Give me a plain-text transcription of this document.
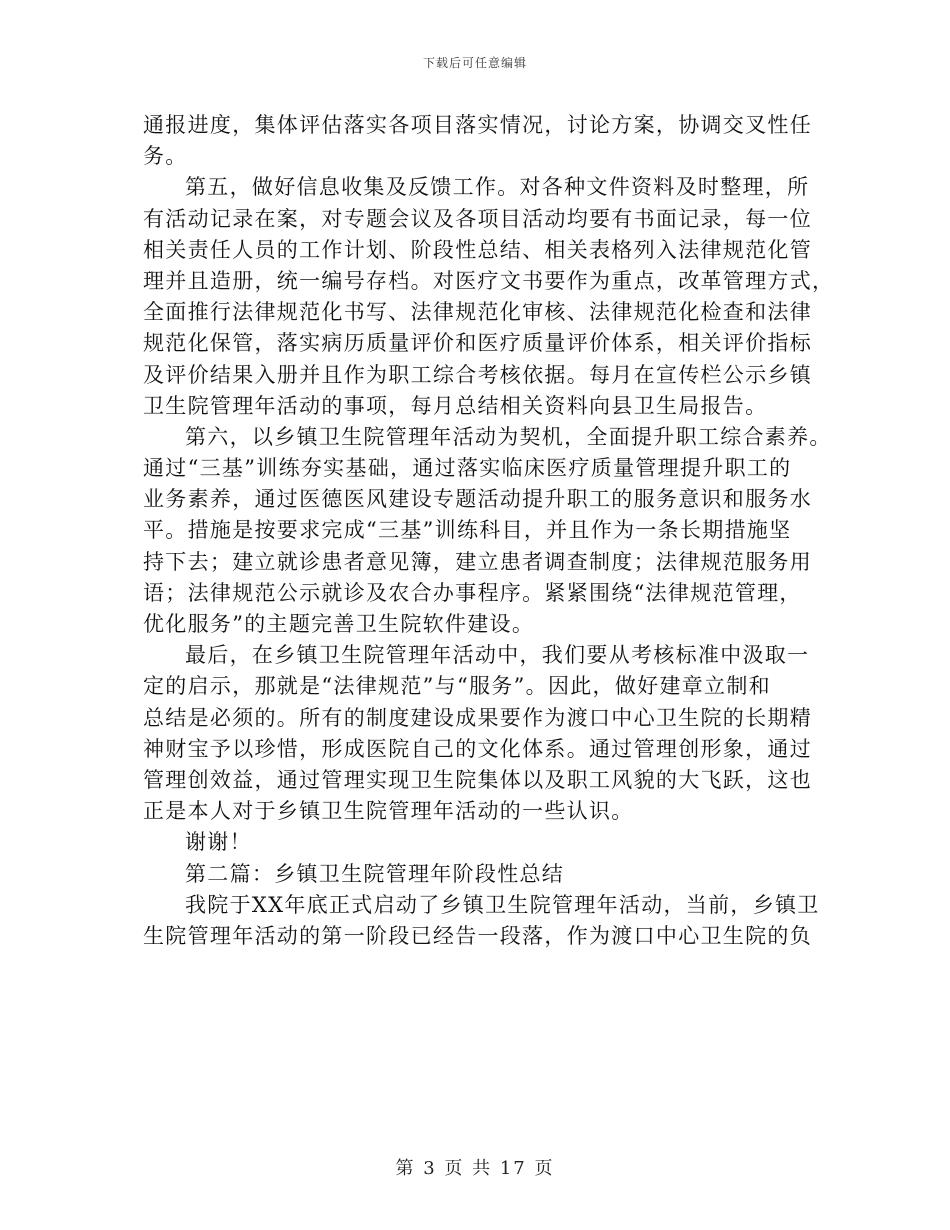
下载后可任意编辑
通报进度，集体评估落实各项目落实情况，讨论方案，协调交叉性任
务。
第五，做好信息收集及反馈工作。对各种文件资料及时整理，所
有活动记录在案，对专题会议及各项目活动均要有书面记录，每一位
相关责任人员的工作计划、阶段性总结、相关表格列入法律规范化管
理并且造册，统一编号存档。对医疗文书要作为重点，改革管理方式，
全面推行法律规范化书写、法律规范化审核、法律规范化检查和法律
规范化保管，落实病历质量评价和医疗质量评价体系，相关评价指标
及评价结果入册并且作为职工综合考核依据。每月在宣传栏公示乡镇
卫生院管理年活动的事项，每月总结相关资料向县卫生局报告。
第六，以乡镇卫生院管理年活动为契机，全面提升职工综合素养。
通过“三基”训练夯实基础，通过落实临床医疗质量管理提升职工的
业务素养，通过医德医风建设专题活动提升职工的服务意识和服务水
平。措施是按要求完成“三基”训练科目，并且作为一条长期措施坚
持下去；建立就诊患者意见簿，建立患者调查制度；法律规范服务用
语；法律规范公示就诊及农合办事程序。紧紧围绕“法律规范管理，
优化服务”的主题完善卫生院软件建设。
最后，在乡镇卫生院管理年活动中，我们要从考核标准中汲取一
定的启示，那就是“法律规范”与“服务”。因此，做好建章立制和
总结是必须的。所有的制度建设成果要作为渡口中心卫生院的长期精
神财宝予以珍惜，形成医院自己的文化体系。通过管理创形象，通过
管理创效益，通过管理实现卫生院集体以及职工风貌的大飞跃，这也
正是本人对于乡镇卫生院管理年活动的一些认识。
谢谢！
第二篇：乡镇卫生院管理年阶段性总结
我院于XX年底正式启动了乡镇卫生院管理年活动，当前，乡镇卫
生院管理年活动的第一阶段已经告一段落，作为渡口中心卫生院的负
第 3 页 共 17 页
